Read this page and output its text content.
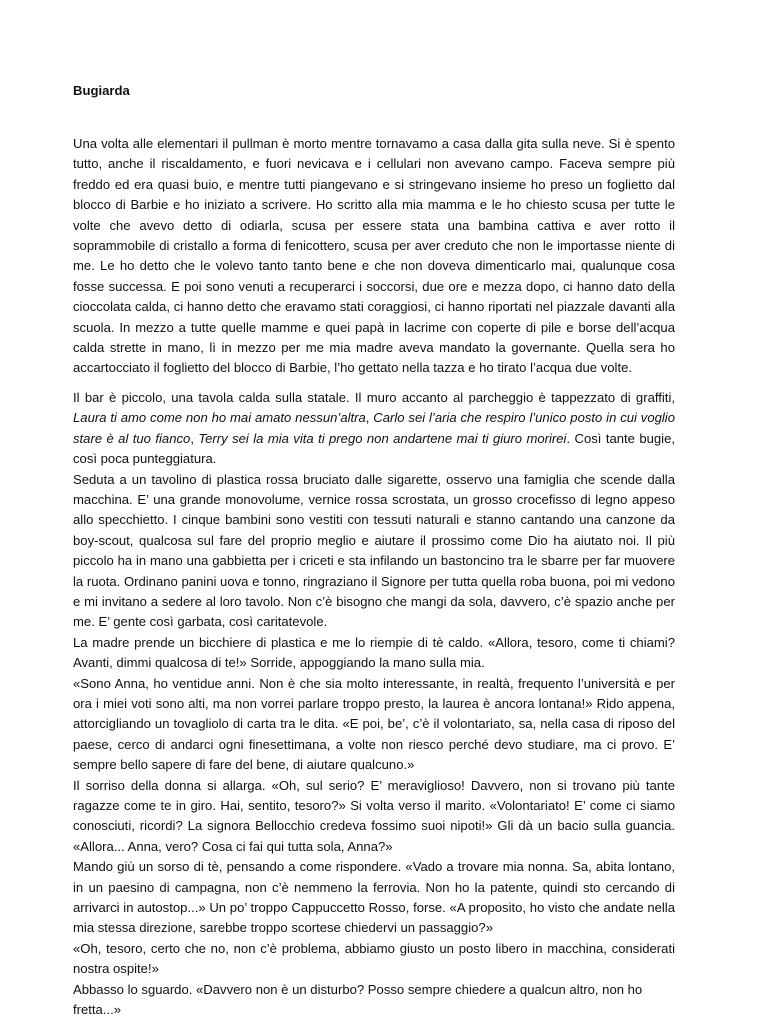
Bugiarda

Una volta alle elementari il pullman è morto mentre tornavamo a casa dalla gita sulla neve. Si è spento tutto, anche il riscaldamento, e fuori nevicava e i cellulari non avevano campo. Faceva sempre più freddo ed era quasi buio, e mentre tutti piangevano e si stringevano insieme ho preso un foglietto dal blocco di Barbie e ho iniziato a scrivere. Ho scritto alla mia mamma e le ho chiesto scusa per tutte le volte che avevo detto di odiarla, scusa per essere stata una bambina cattiva e aver rotto il soprammobile di cristallo a forma di fenicottero, scusa per aver creduto che non le importasse niente di me. Le ho detto che le volevo tanto tanto bene e che non doveva dimenticarlo mai, qualunque cosa fosse successa. E poi sono venuti a recuperarci i soccorsi, due ore e mezza dopo, ci hanno dato della cioccolata calda, ci hanno detto che eravamo stati coraggiosi, ci hanno riportati nel piazzale davanti alla scuola. In mezzo a tutte quelle mamme e quei papà in lacrime con coperte di pile e borse dell’acqua calda strette in mano, lì in mezzo per me mia madre aveva mandato la governante. Quella sera ho accartocciato il foglietto del blocco di Barbie, l’ho gettato nella tazza e ho tirato l’acqua due volte.

Il bar è piccolo, una tavola calda sulla statale. Il muro accanto al parcheggio è tappezzato di graffiti, Laura ti amo come non ho mai amato nessun’altra, Carlo sei l’aria che respiro l’unico posto in cui voglio stare è al tuo fianco, Terry sei la mia vita ti prego non andartene mai ti giuro morirei. Così tante bugie, così poca punteggiatura.

Seduta a un tavolino di plastica rossa bruciato dalle sigarette, osservo una famiglia che scende dalla macchina. E’ una grande monovolume, vernice rossa scrostata, un grosso crocefisso di legno appeso allo specchietto. I cinque bambini sono vestiti con tessuti naturali e stanno cantando una canzone da boy-scout, qualcosa sul fare del proprio meglio e aiutare il prossimo come Dio ha aiutato noi. Il più piccolo ha in mano una gabbietta per i criceti e sta infilando un bastoncino tra le sbarre per far muovere la ruota. Ordinano panini uova e tonno, ringraziano il Signore per tutta quella roba buona, poi mi vedono e mi invitano a sedere al loro tavolo. Non c’è bisogno che mangi da sola, davvero, c’è spazio anche per me. E’ gente così garbata, così caritatevole.

La madre prende un bicchiere di plastica e me lo riempie di tè caldo. «Allora, tesoro, come ti chiami? Avanti, dimmi qualcosa di te!» Sorride, appoggiando la mano sulla mia.

«Sono Anna, ho ventidue anni. Non è che sia molto interessante, in realtà, frequento l’università e per ora i miei voti sono alti, ma non vorrei parlare troppo presto, la laurea è ancora lontana!» Rido appena, attorcigliando un tovagliolo di carta tra le dita. «E poi, be’, c’è il volontariato, sa, nella casa di riposo del paese, cerco di andarci ogni finesettimana, a volte non riesco perché devo studiare, ma ci provo. E’ sempre bello sapere di fare del bene, di aiutare qualcuno.»

Il sorriso della donna si allarga. «Oh, sul serio? E’ meraviglioso! Davvero, non si trovano più tante ragazze come te in giro. Hai, sentito, tesoro?» Si volta verso il marito. «Volontariato! E’ come ci siamo conosciuti, ricordi? La signora Bellocchio credeva fossimo suoi nipoti!» Gli dà un bacio sulla guancia. «Allora... Anna, vero? Cosa ci fai qui tutta sola, Anna?»

Mando giù un sorso di tè, pensando a come rispondere. «Vado a trovare mia nonna. Sa, abita lontano, in un paesino di campagna, non c’è nemmeno la ferrovia. Non ho la patente, quindi sto cercando di arrivarci in autostop...» Un po’ troppo Cappuccetto Rosso, forse. «A proposito, ho visto che andate nella mia stessa direzione, sarebbe troppo scortese chiedervi un passaggio?»

«Oh, tesoro, certo che no, non c’è problema, abbiamo giusto un posto libero in macchina, considerati nostra ospite!»

Abbasso lo sguardo. «Davvero non è un disturbo? Posso sempre chiedere a qualcun altro, non ho fretta...»
